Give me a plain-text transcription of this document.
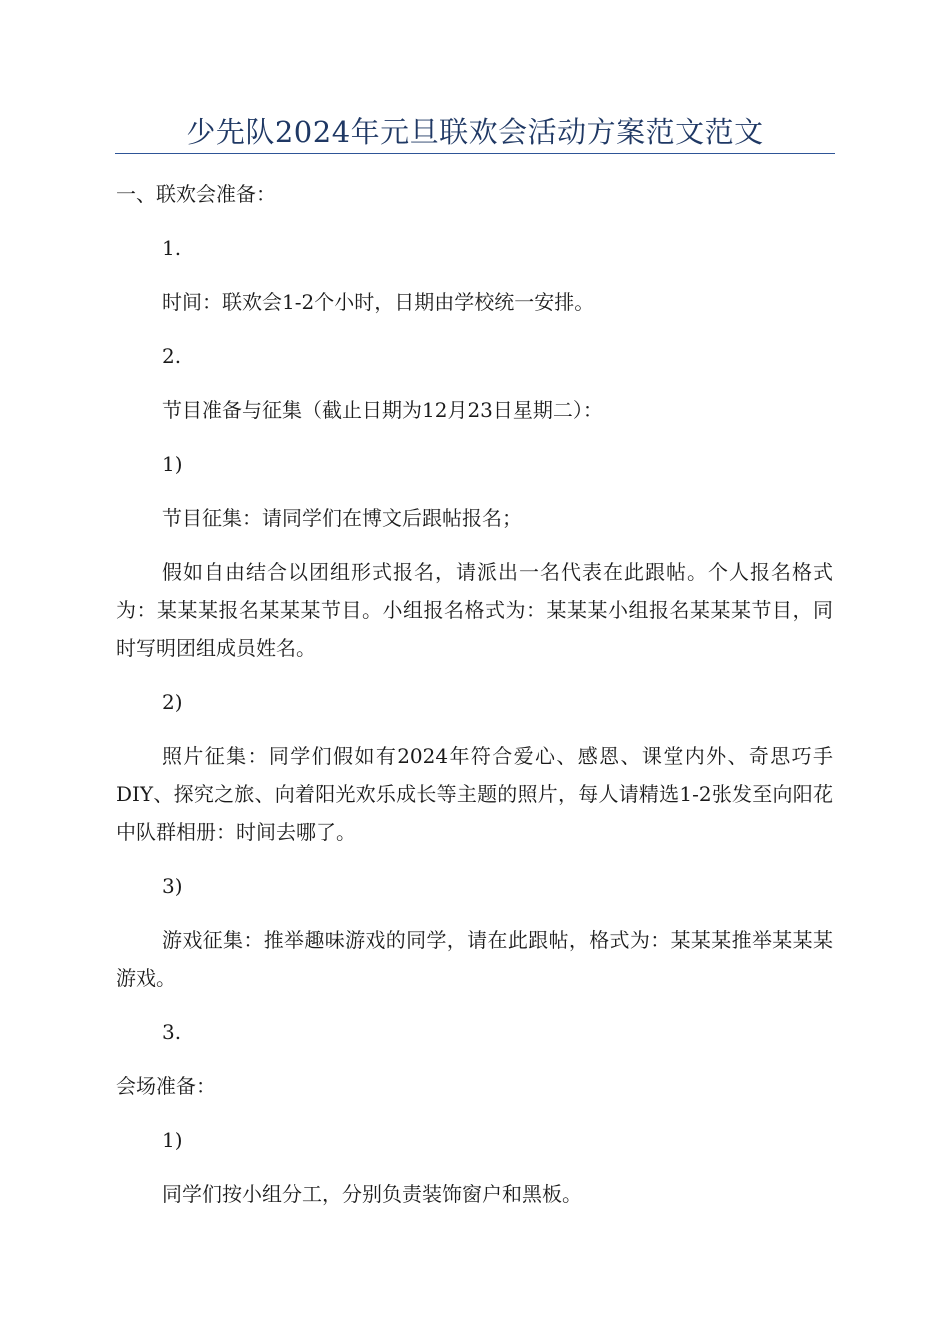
少先队2024年元旦联欢会活动方案范文范文

一、联欢会准备：

1.

时间：联欢会1-2个小时，日期由学校统一安排。

2.

节目准备与征集（截止日期为12月23日星期二）：

1)

节目征集：请同学们在博文后跟帖报名；

假如自由结合以团组形式报名，请派出一名代表在此跟帖。个人报名格式为：某某某报名某某某节目。小组报名格式为：某某某小组报名某某某节目，同时写明团组成员姓名。

2)

照片征集：同学们假如有2024年符合爱心、感恩、课堂内外、奇思巧手DIY、探究之旅、向着阳光欢乐成长等主题的照片，每人请精选1-2张发至向阳花中队群相册：时间去哪了。

3)

游戏征集：推举趣味游戏的同学，请在此跟帖，格式为：某某某推举某某某游戏。

3.

会场准备：

1)

同学们按小组分工，分别负责装饰窗户和黑板。
